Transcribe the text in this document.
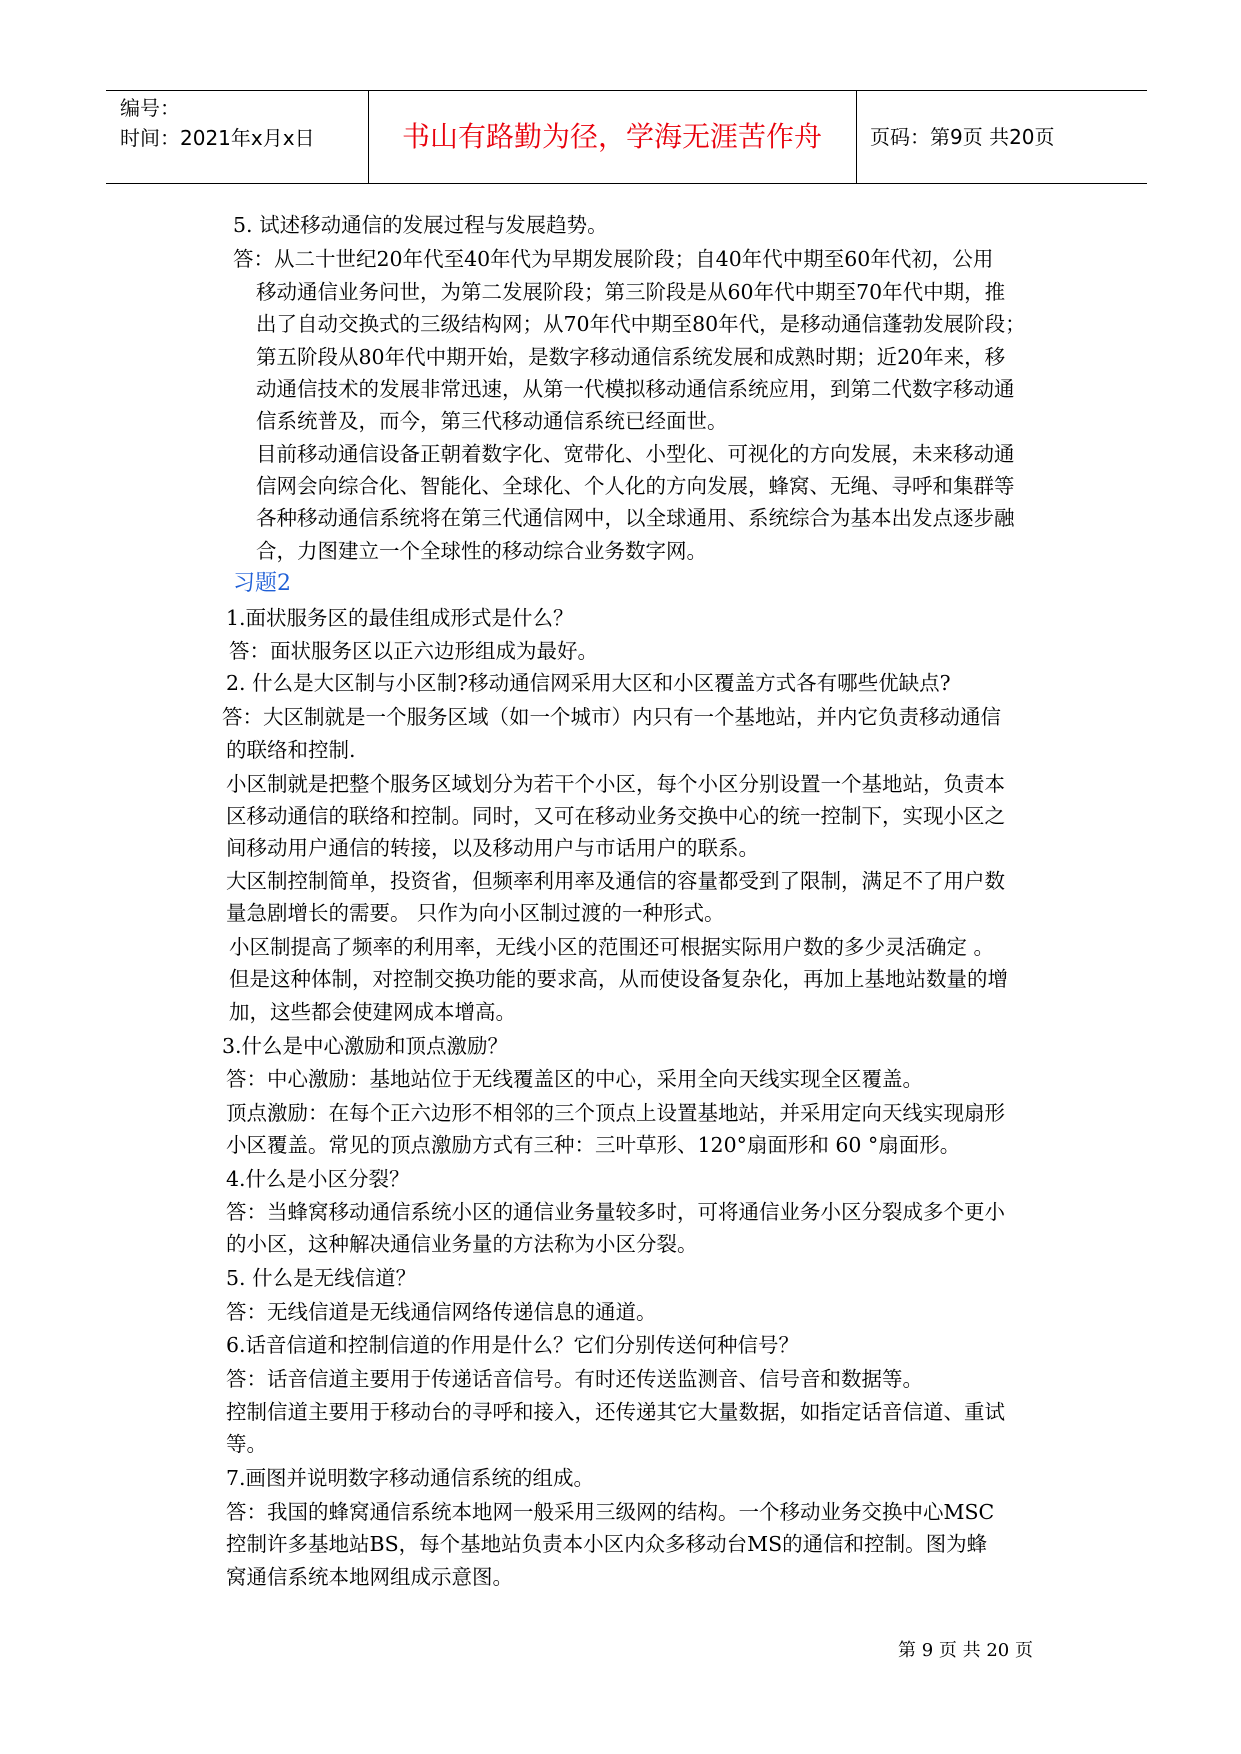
编号：
时间：2021年x月x日	书山有路勤为径，学海无涯苦作舟	页码：第9页 共20页
5. 试述移动通信的发展过程与发展趋势。
答：从二十世纪20年代至40年代为早期发展阶段；自40年代中期至60年代初，公用
移动通信业务问世，为第二发展阶段；第三阶段是从60年代中期至70年代中期，推
出了自动交换式的三级结构网；从70年代中期至80年代，是移动通信蓬勃发展阶段；
第五阶段从80年代中期开始，是数字移动通信系统发展和成熟时期；近20年来，移
动通信技术的发展非常迅速，从第一代模拟移动通信系统应用，到第二代数字移动通
信系统普及，而今，第三代移动通信系统已经面世。
目前移动通信设备正朝着数字化、宽带化、小型化、可视化的方向发展，未来移动通
信网会向综合化、智能化、全球化、个人化的方向发展，蜂窝、无绳、寻呼和集群等
各种移动通信系统将在第三代通信网中，以全球通用、系统综合为基本出发点逐步融
合，力图建立一个全球性的移动综合业务数字网。
习题2
1.面状服务区的最佳组成形式是什么？
答：面状服务区以正六边形组成为最好。
2. 什么是大区制与小区制?移动通信网采用大区和小区覆盖方式各有哪些优缺点?
答：大区制就是一个服务区域（如一个城市）内只有一个基地站，并内它负责移动通信
的联络和控制.
小区制就是把整个服务区域划分为若干个小区，每个小区分别设置一个基地站，负责本
区移动通信的联络和控制。同时，又可在移动业务交换中心的统一控制下，实现小区之
间移动用户通信的转接，以及移动用户与市话用户的联系。
大区制控制简单，投资省，但频率利用率及通信的容量都受到了限制，满足不了用户数
量急剧增长的需要。 只作为向小区制过渡的一种形式。
小区制提高了频率的利用率，无线小区的范围还可根据实际用户数的多少灵活确定 。
但是这种体制，对控制交换功能的要求高，从而使设备复杂化，再加上基地站数量的增
加，这些都会使建网成本增高。
3.什么是中心激励和顶点激励？
答：中心激励：基地站位于无线覆盖区的中心，采用全向天线实现全区覆盖。
顶点激励：在每个正六边形不相邻的三个顶点上设置基地站，并采用定向天线实现扇形
小区覆盖。常见的顶点激励方式有三种：三叶草形、120°扇面形和 60 °扇面形。
4.什么是小区分裂？
答：当蜂窝移动通信系统小区的通信业务量较多时，可将通信业务小区分裂成多个更小
的小区，这种解决通信业务量的方法称为小区分裂。
5. 什么是无线信道？
答：无线信道是无线通信网络传递信息的通道。
6.话音信道和控制信道的作用是什么？它们分别传送何种信号？
答：话音信道主要用于传递话音信号。有时还传送监测音、信号音和数据等。
控制信道主要用于移动台的寻呼和接入，还传递其它大量数据，如指定话音信道、重试
等。
7.画图并说明数字移动通信系统的组成。
答：我国的蜂窝通信系统本地网一般采用三级网的结构。一个移动业务交换中心MSC
控制许多基地站BS，每个基地站负责本小区内众多移动台MS的通信和控制。图为蜂
窝通信系统本地网组成示意图。
第 9 页 共 20 页
